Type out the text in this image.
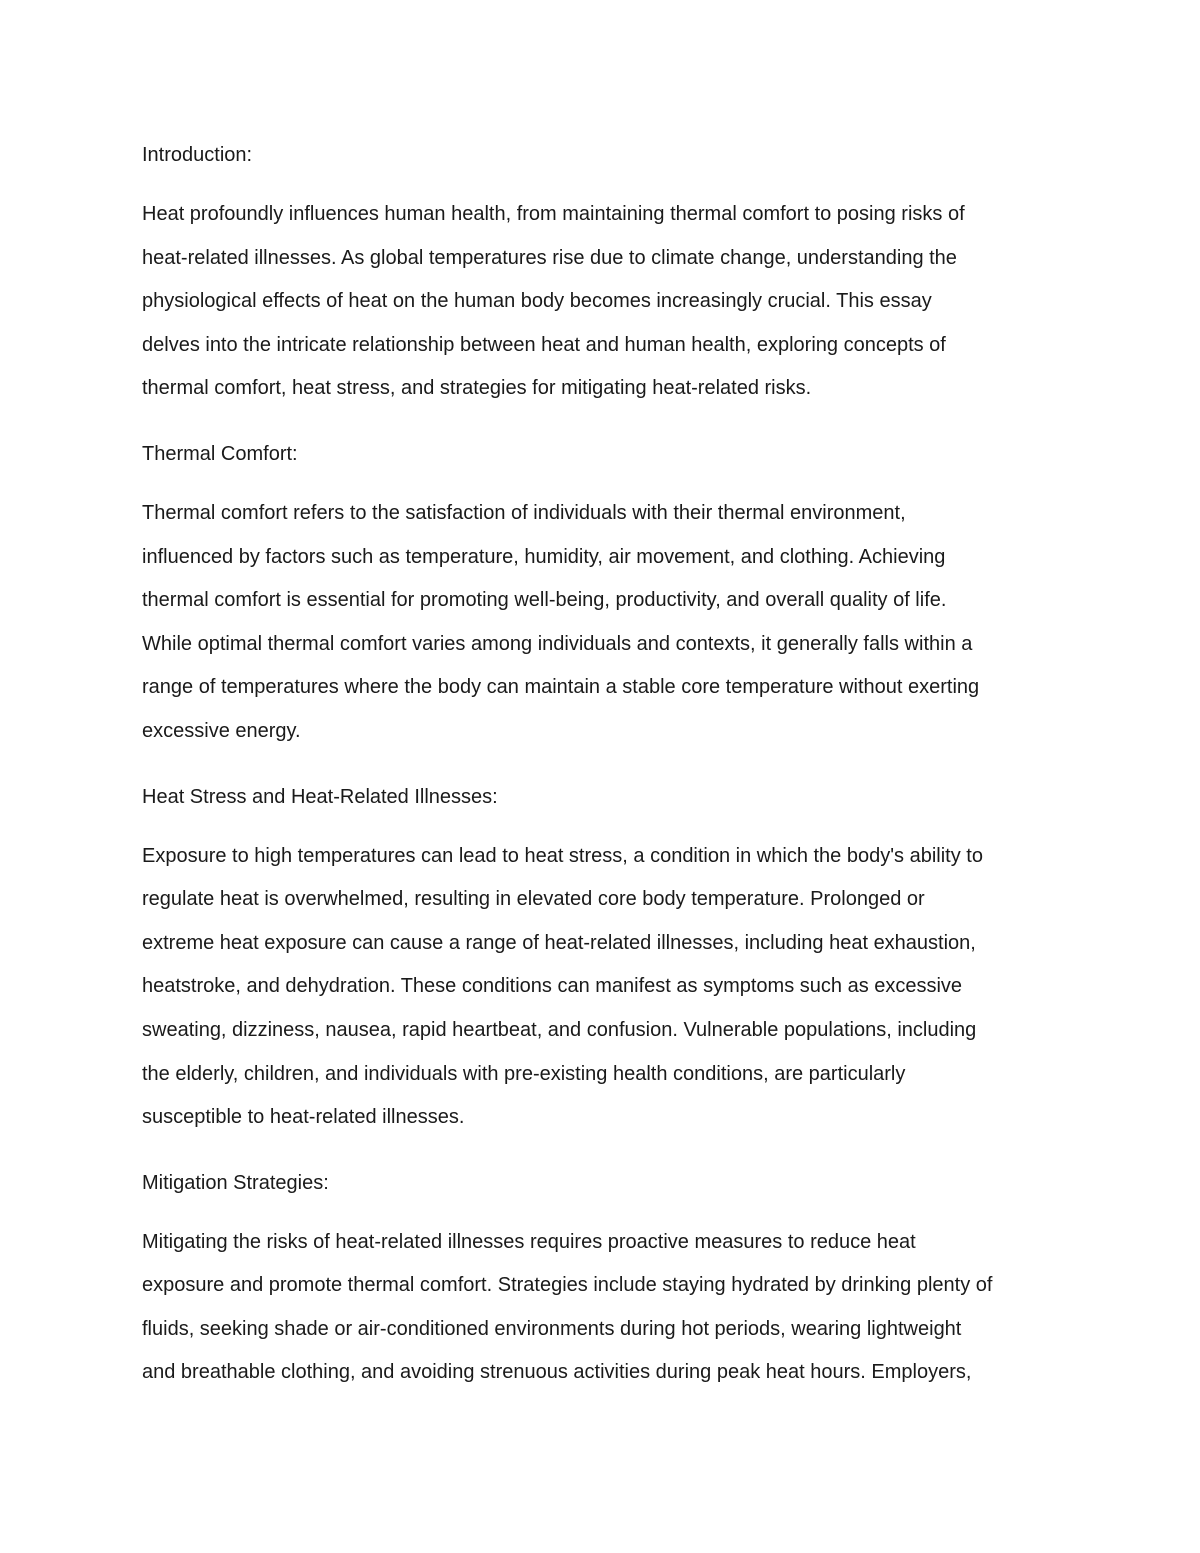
Introduction:

Heat profoundly influences human health, from maintaining thermal comfort to posing risks of
heat-related illnesses. As global temperatures rise due to climate change, understanding the
physiological effects of heat on the human body becomes increasingly crucial. This essay
delves into the intricate relationship between heat and human health, exploring concepts of
thermal comfort, heat stress, and strategies for mitigating heat-related risks.

Thermal Comfort:

Thermal comfort refers to the satisfaction of individuals with their thermal environment,
influenced by factors such as temperature, humidity, air movement, and clothing. Achieving
thermal comfort is essential for promoting well-being, productivity, and overall quality of life.
While optimal thermal comfort varies among individuals and contexts, it generally falls within a
range of temperatures where the body can maintain a stable core temperature without exerting
excessive energy.

Heat Stress and Heat-Related Illnesses:

Exposure to high temperatures can lead to heat stress, a condition in which the body's ability to
regulate heat is overwhelmed, resulting in elevated core body temperature. Prolonged or
extreme heat exposure can cause a range of heat-related illnesses, including heat exhaustion,
heatstroke, and dehydration. These conditions can manifest as symptoms such as excessive
sweating, dizziness, nausea, rapid heartbeat, and confusion. Vulnerable populations, including
the elderly, children, and individuals with pre-existing health conditions, are particularly
susceptible to heat-related illnesses.

Mitigation Strategies:

Mitigating the risks of heat-related illnesses requires proactive measures to reduce heat
exposure and promote thermal comfort. Strategies include staying hydrated by drinking plenty of
fluids, seeking shade or air-conditioned environments during hot periods, wearing lightweight
and breathable clothing, and avoiding strenuous activities during peak heat hours. Employers,
